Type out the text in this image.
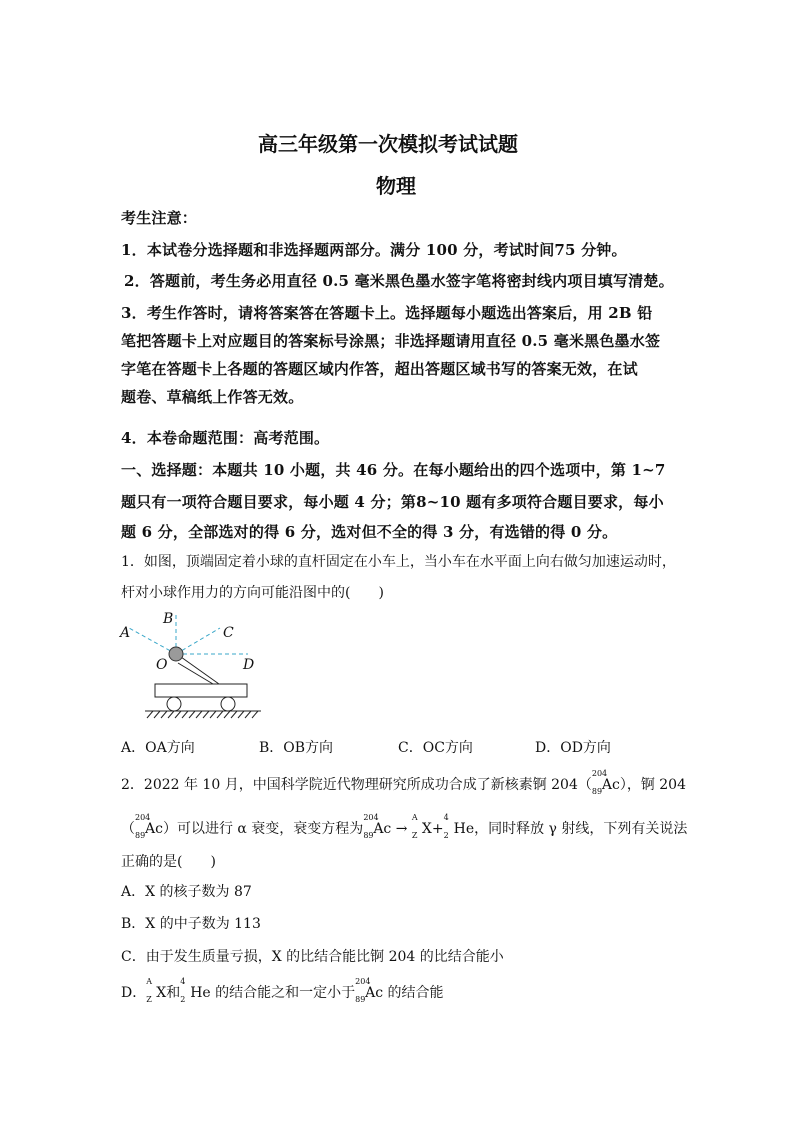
高三年级第一次模拟考试试题
物理
考生注意：
1．本试卷分选择题和非选择题两部分。满分 100 分，考试时间75 分钟。
2．答题前，考生务必用直径 0.5 毫米黑色墨水签字笔将密封线内项目填写清楚。
3．考生作答时，请将答案答在答题卡上。选择题每小题选出答案后，用 2B 铅
笔把答题卡上对应题目的答案标号涂黑；非选择题请用直径 0.5 毫米黑色墨水签
字笔在答题卡上各题的答题区域内作答，超出答题区域书写的答案无效，在试
题卷、草稿纸上作答无效。
4．本卷命题范围：高考范围。
一、选择题：本题共 10 小题，共 46 分。在每小题给出的四个选项中，第 1~7
题只有一项符合题目要求，每小题 4 分；第8~10 题有多项符合题目要求，每小
题 6 分，全部选对的得 6 分，选对但不全的得 3 分，有选错的得 0 分。
1．如图，顶端固定着小球的直杆固定在小车上，当小车在水平面上向右做匀加速运动时，
杆对小球作用力的方向可能沿图中的(　　)
A
B
C
D
O
A．OA方向	B．OB方向	C．OC方向	D．OD方向
2．2022 年 10 月，中国科学院近代物理研究所成功合成了新核素锕 204（
204
89 Ac），锕 204
（
204
89 Ac）可以进行 α 衰变，衰变方程为
204
89 Ac →
A
Z X+
4
2 He，同时释放 γ 射线，下列有关说法
正确的是(　　)
A．X 的核子数为 87
B．X 的中子数为 113
C．由于发生质量亏损，X 的比结合能比锕 204 的比结合能小
D．
A
Z X和
4
2 He 的结合能之和一定小于
204
89 Ac 的结合能
